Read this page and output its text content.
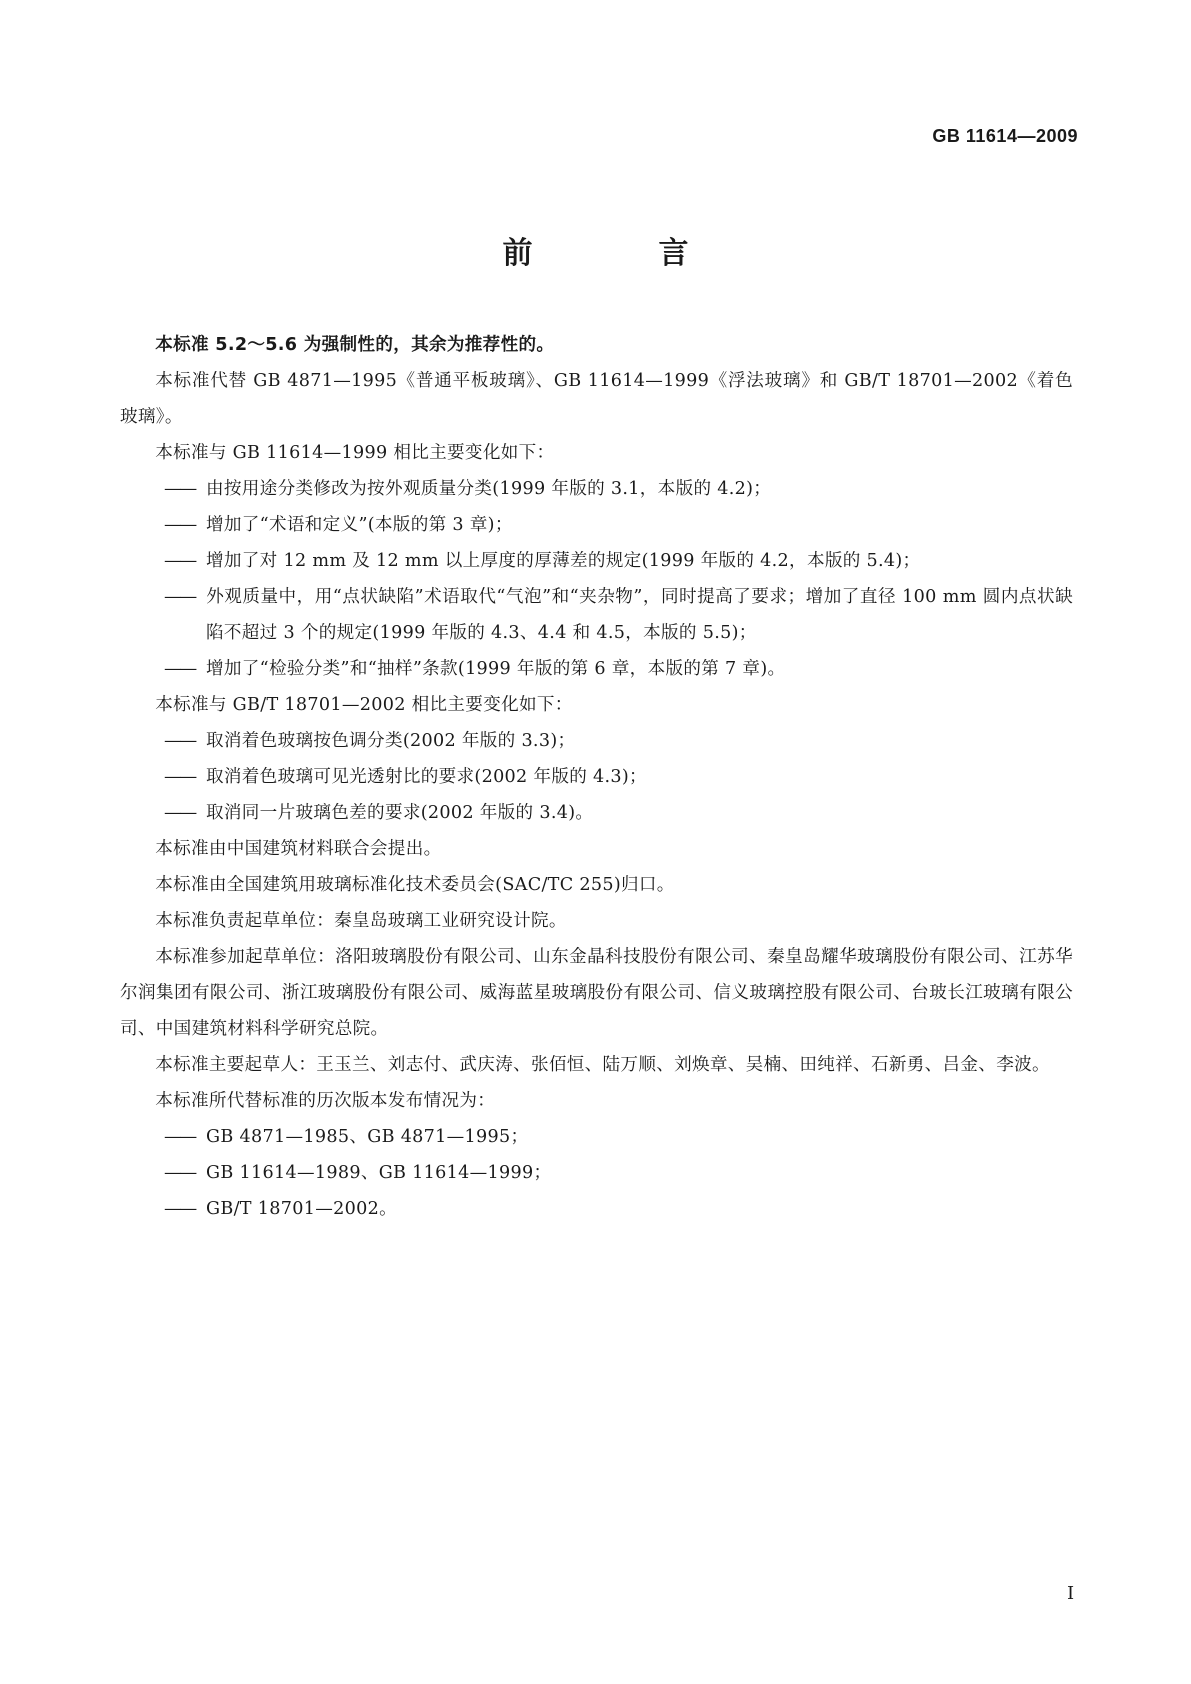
GB 11614—2009
前　言

本标准 5.2～5.6 为强制性的，其余为推荐性的。

本标准代替 GB 4871—1995《普通平板玻璃》、GB 11614—1999《浮法玻璃》和 GB/T 18701—2002《着色玻璃》。

本标准与 GB 11614—1999 相比主要变化如下：

—— 由按用途分类修改为按外观质量分类(1999 年版的 3.1，本版的 4.2)；

—— 增加了“术语和定义”(本版的第 3 章)；

—— 增加了对 12 mm 及 12 mm 以上厚度的厚薄差的规定(1999 年版的 4.2，本版的 5.4)；

—— 外观质量中，用“点状缺陷”术语取代“气泡”和“夹杂物”，同时提高了要求；增加了直径 100 mm 圆内点状缺陷不超过 3 个的规定(1999 年版的 4.3、4.4 和 4.5，本版的 5.5)；

—— 增加了“检验分类”和“抽样”条款(1999 年版的第 6 章，本版的第 7 章)。

本标准与 GB/T 18701—2002 相比主要变化如下：

—— 取消着色玻璃按色调分类(2002 年版的 3.3)；

—— 取消着色玻璃可见光透射比的要求(2002 年版的 4.3)；

—— 取消同一片玻璃色差的要求(2002 年版的 3.4)。

本标准由中国建筑材料联合会提出。

本标准由全国建筑用玻璃标准化技术委员会(SAC/TC 255)归口。

本标准负责起草单位：秦皇岛玻璃工业研究设计院。

本标准参加起草单位：洛阳玻璃股份有限公司、山东金晶科技股份有限公司、秦皇岛耀华玻璃股份有限公司、江苏华尔润集团有限公司、浙江玻璃股份有限公司、威海蓝星玻璃股份有限公司、信义玻璃控股有限公司、台玻长江玻璃有限公司、中国建筑材料科学研究总院。

本标准主要起草人：王玉兰、刘志付、武庆涛、张佰恒、陆万顺、刘焕章、吴楠、田纯祥、石新勇、吕金、李波。

本标准所代替标准的历次版本发布情况为：

—— GB 4871—1985、GB 4871—1995；

—— GB 11614—1989、GB 11614—1999；

—— GB/T 18701—2002。

I
